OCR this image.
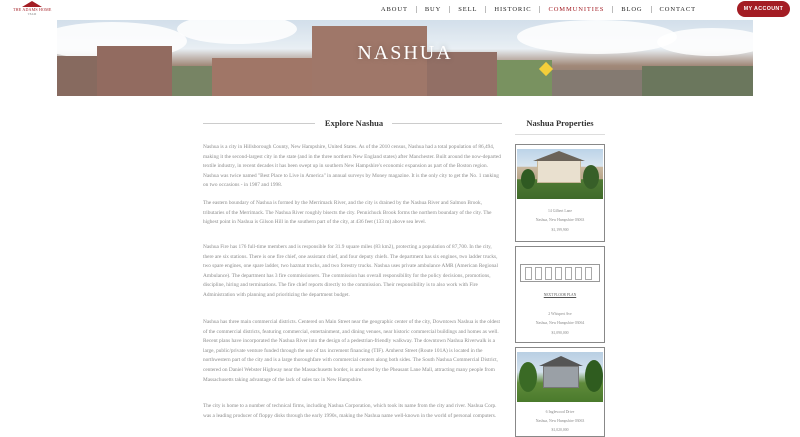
THE ADAMS HOME
TEAM
ABOUT	BUY	SELL	HISTORIC	COMMUNITIES	BLOG	CONTACT	MY ACCOUNT
NASHUA
Explore Nashua
Nashua is a city in Hillsborough County, New Hampshire, United States. As of the 2010 census, Nashua had a total population of 86,494, making it the second-largest city in the state (and in the three northern New England states) after Manchester. Built around the now-departed textile industry, in recent decades it has been swept up in southern New Hampshire's economic expansion as part of the Boston region. Nashua was twice named "Best Place to Live in America" in annual surveys by Money magazine. It is the only city to get the No. 1 ranking on two occasions - in 1987 and 1998.
The eastern boundary of Nashua is formed by the Merrimack River, and the city is drained by the Nashua River and Salmon Brook, tributaries of the Merrimack. The Nashua River roughly bisects the city. Pennichuck Brook forms the northern boundary of the city. The highest point in Nashua is Gilson Hill in the southern part of the city, at 436 feet (133 m) above sea level.
Nashua Fire has 176 full-time members and is responsible for 31.9 square miles (83 km2), protecting a population of 87,700. In the city, there are six stations. There is one fire chief, one assistant chief, and four deputy chiefs. The department has six engines, two ladder trucks, two spare engines, one spare ladder, two hazmat trucks, and two forestry trucks. Nashua uses private ambulance AMR (American Regional Ambulance). The department has 3 fire commissioners. The commission has overall responsibility for the policy decisions, promotions, discipline, hiring and terminations. The fire chief reports directly to the commission. Their responsibility is to also work with Fire Administration with planning and prioritizing the department budget.
Nashua has three main commercial districts. Centered on Main Street near the geographic center of the city, Downtown Nashua is the oldest of the commercial districts, featuring commercial, entertainment, and dining venues, near historic commercial buildings and homes as well. Recent plans have incorporated the Nashua River into the design of a pedestrian-friendly walkway. The downtown Nashua Riverwalk is a large, public/private venture funded through the use of tax increment financing (TIF). Amherst Street (Route 101A) is located in the northwestern part of the city and is a large thoroughfare with commercial centers along both sides. The South Nashua Commercial District, centered on Daniel Webster Highway near the Massachusetts border, is anchored by the Pheasant Lane Mall, attracting many people from Massachusetts taking advantage of the lack of sales tax in New Hampshire.
The city is home to a number of technical firms, including Nashua Corporation, which took its name from the city and river. Nashua Corp. was a leading producer of floppy disks through the early 1990s, making the Nashua name well-known in the world of personal computers.
Nashua Properties
14 Gilbert Lane
Nashua, New Hampshire 03063
$1,199,900
NEXT FLOOR PLAN
2 Whispert Ave
Nashua, New Hampshire 03064
$1,090,000
6 Inglewood Drive
Nashua, New Hampshire 03063
$1,020,000
